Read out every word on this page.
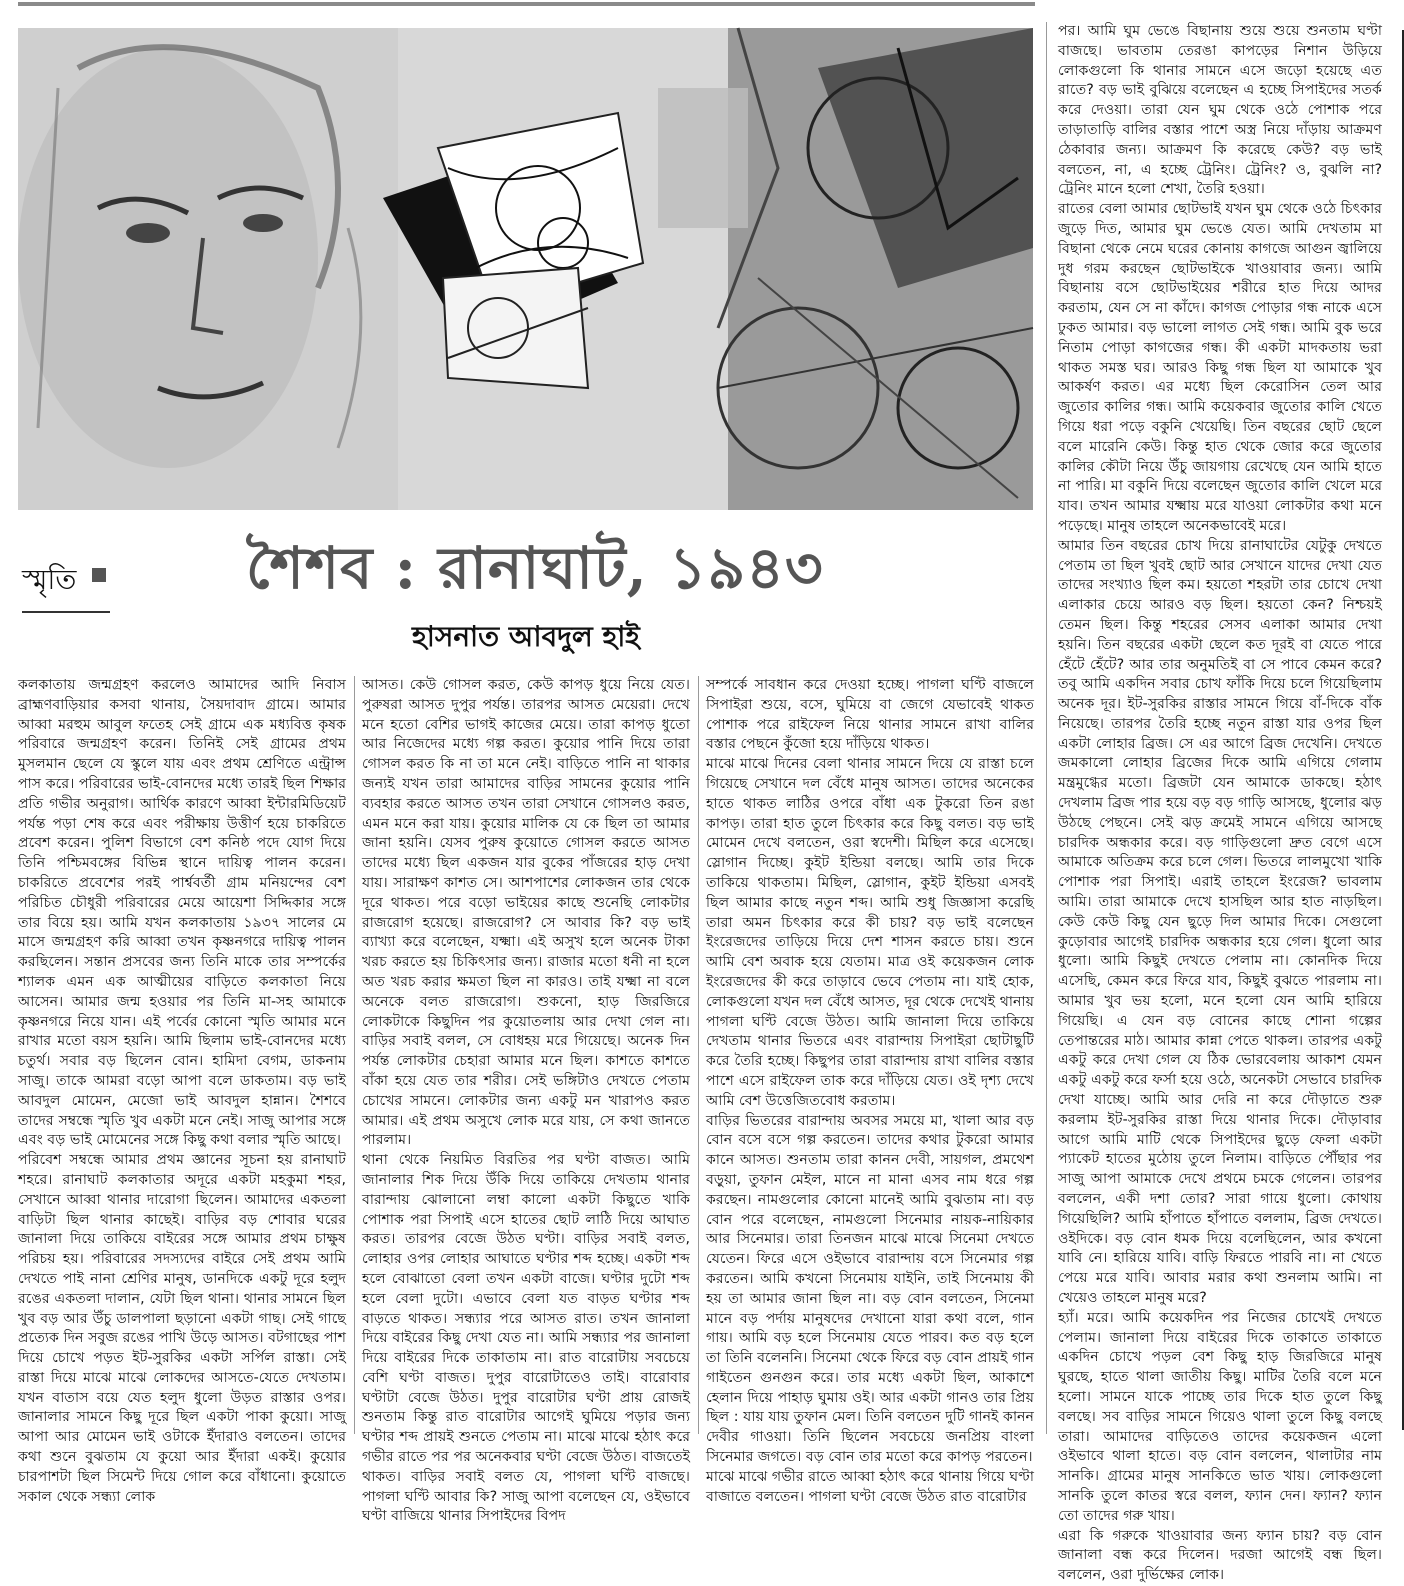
স্মৃতি	শৈশব : রানাঘাট, ১৯৪৩
হাসনাত আবদুল হাই
কলকাতায় জন্মগ্রহণ করলেও আমাদের আদি নিবাস ব্রাহ্মণবাড়িয়ার কসবা থানায়, সৈয়দাবাদ গ্রামে। আমার আব্বা মরহুম আবুল ফতেহ সেই গ্রামে এক মধ্যবিত্ত কৃষক পরিবারে জন্মগ্রহণ করেন। তিনিই সেই গ্রামের প্রথম মুসলমান ছেলে যে স্কুলে যায় এবং প্রথম শ্রেণিতে এন্ট্রান্স পাস করে। পরিবারের ভাই-বোনদের মধ্যে তারই ছিল শিক্ষার প্রতি গভীর অনুরাগ। আর্থিক কারণে আব্বা ইন্টারমিডিয়েট পর্যন্ত পড়া শেষ করে এবং পরীক্ষায় উত্তীর্ণ হয়ে চাকরিতে প্রবেশ করেন। পুলিশ বিভাগে বেশ কনিষ্ঠ পদে যোগ দিয়ে তিনি পশ্চিমবঙ্গের বিভিন্ন স্থানে দায়িত্ব পালন করেন। চাকরিতে প্রবেশের পরই পার্শ্ববর্তী গ্রাম মনিয়ন্দের বেশ পরিচিত চৌধুরী পরিবারের মেয়ে আয়েশা সিদ্দিকার সঙ্গে তার বিয়ে হয়। আমি যখন কলকাতায় ১৯৩৭ সালের মে মাসে জন্মগ্রহণ করি আব্বা তখন কৃষ্ণনগরে দায়িত্ব পালন করছিলেন। সন্তান প্রসবের জন্য তিনি মাকে তার সম্পর্কের শ্যালক এমন এক আত্মীয়ের বাড়িতে কলকাতা নিয়ে আসেন। আমার জন্ম হওয়ার পর তিনি মা-সহ আমাকে কৃষ্ণনগরে নিয়ে যান। এই পর্বের কোনো স্মৃতি আমার মনে রাখার মতো বয়স হয়নি। আমি ছিলাম ভাই-বোনদের মধ্যে চতুর্থ। সবার বড় ছিলেন বোন। হামিদা বেগম, ডাকনাম সাজু। তাকে আমরা বড়ো আপা বলে ডাকতাম। বড় ভাই আবদুল মোমেন, মেজো ভাই আবদুল হান্নান। শৈশবে তাদের সম্বন্ধে স্মৃতি খুব একটা মনে নেই। সাজু আপার সঙ্গে এবং বড় ভাই মোমেনের সঙ্গে কিছু কথা বলার স্মৃতি আছে।
পরিবেশ সম্বন্ধে আমার প্রথম জ্ঞানের সূচনা হয় রানাঘাট শহরে। রানাঘাট কলকাতার অদূরে একটা মহকুমা শহর, সেখানে আব্বা থানার দারোগা ছিলেন। আমাদের একতলা বাড়িটা ছিল থানার কাছেই। বাড়ির বড় শোবার ঘরের জানালা দিয়ে তাকিয়ে বাইরের সঙ্গে আমার প্রথম চাক্ষুষ পরিচয় হয়। পরিবারের সদস্যদের বাইরে সেই প্রথম আমি দেখতে পাই নানা শ্রেণির মানুষ, ডানদিকে একটু দূরে হলুদ রঙের একতলা দালান, যেটা ছিল থানা। থানার সামনে ছিল খুব বড় আর উঁচু ডালপালা ছড়ানো একটা গাছ। সেই গাছে প্রত্যেক দিন সবুজ রঙের পাখি উড়ে আসত। বটগাছের পাশ দিয়ে চোখে পড়ত ইট-সুরকির একটা সর্পিল রাস্তা। সেই রাস্তা দিয়ে মাঝে মাঝে লোকদের আসতে-যেতে দেখতাম। যখন বাতাস বয়ে যেত হলুদ ধুলো উড়ত রাস্তার ওপর। জানালার সামনে কিছু দূরে ছিল একটা পাকা কুয়ো। সাজু আপা আর মোমেন ভাই ওটাকে ইঁদারাও বলতেন। তাদের কথা শুনে বুঝতাম যে কুয়ো আর ইঁদারা একই। কুয়োর চারপাশটা ছিল সিমেন্ট দিয়ে গোল করে বাঁধানো। কুয়োতে সকাল থেকে সন্ধ্যা লোক
আসত। কেউ গোসল করত, কেউ কাপড় ধুয়ে নিয়ে যেত। পুরুষরা আসত দুপুর পর্যন্ত। তারপর আসত মেয়েরা। দেখে মনে হতো বেশির ভাগই কাজের মেয়ে। তারা কাপড় ধুতো আর নিজেদের মধ্যে গল্প করত। কুয়োর পানি দিয়ে তারা গোসল করত কি না তা মনে নেই। বাড়িতে পানি না থাকার জন্যই যখন তারা আমাদের বাড়ির সামনের কুয়োর পানি ব্যবহার করতে আসত তখন তারা সেখানে গোসলও করত, এমন মনে করা যায়। কুয়োর মালিক যে কে ছিল তা আমার জানা হয়নি। যেসব পুরুষ কুয়োতে গোসল করতে আসত তাদের মধ্যে ছিল একজন যার বুকের পাঁজরের হাড় দেখা যায়। সারাক্ষণ কাশত সে। আশপাশের লোকজন তার থেকে দূরে থাকত। পরে বড়ো ভাইয়ের কাছে শুনেছি লোকটার রাজরোগ হয়েছে। রাজরোগ? সে আবার কি? বড় ভাই ব্যাখ্যা করে বলেছেন, যক্ষ্মা। এই অসুখ হলে অনেক টাকা খরচ করতে হয় চিকিৎসার জন্য। রাজার মতো ধনী না হলে অত খরচ করার ক্ষমতা ছিল না কারও। তাই যক্ষ্মা না বলে অনেকে বলত রাজরোগ। শুকনো, হাড় জিরজিরে লোকটাকে কিছুদিন পর কুয়োতলায় আর দেখা গেল না। বাড়ির সবাই বলল, সে বোধহয় মরে গিয়েছে। অনেক দিন পর্যন্ত লোকটার চেহারা আমার মনে ছিল। কাশতে কাশতে বাঁকা হয়ে যেত তার শরীর। সেই ভঙ্গিটাও দেখতে পেতাম চোখের সামনে। লোকটার জন্য একটু মন খারাপও করত আমার। এই প্রথম অসুখে লোক মরে যায়, সে কথা জানতে পারলাম।
থানা থেকে নিয়মিত বিরতির পর ঘণ্টা বাজত। আমি জানালার শিক দিয়ে উঁকি দিয়ে তাকিয়ে দেখতাম থানার বারান্দায় ঝোলানো লম্বা কালো একটা কিছুতে খাকি পোশাক পরা সিপাই এসে হাতের ছোট লাঠি দিয়ে আঘাত করত। তারপর বেজে উঠত ঘণ্টা। বাড়ির সবাই বলত, লোহার ওপর লোহার আঘাতে ঘণ্টার শব্দ হচ্ছে। একটা শব্দ হলে বোঝাতো বেলা তখন একটা বাজে। ঘণ্টার দুটো শব্দ হলে বেলা দুটো। এভাবে বেলা যত বাড়ত ঘণ্টার শব্দ বাড়তে থাকত। সন্ধ্যার পরে আসত রাত। তখন জানালা দিয়ে বাইরের কিছু দেখা যেত না। আমি সন্ধ্যার পর জানালা দিয়ে বাইরের দিকে তাকাতাম না। রাত বারোটায় সবচেয়ে বেশি ঘণ্টা বাজত। দুপুর বারোটাতেও তাই। বারোবার ঘণ্টাটা বেজে উঠত। দুপুর বারোটার ঘণ্টা প্রায় রোজই শুনতাম কিন্তু রাত বারোটার আগেই ঘুমিয়ে পড়ার জন্য ঘণ্টার শব্দ প্রায়ই শুনতে পেতাম না। মাঝে মাঝে হঠাৎ করে গভীর রাতে পর পর অনেকবার ঘণ্টা বেজে উঠত। বাজতেই থাকত। বাড়ির সবাই বলত যে, পাগলা ঘণ্টি বাজছে। পাগলা ঘণ্টি আবার কি? সাজু আপা বলেছেন যে, ওইভাবে ঘণ্টা বাজিয়ে থানার সিপাইদের বিপদ
সম্পর্কে সাবধান করে দেওয়া হচ্ছে। পাগলা ঘণ্টি বাজলে সিপাইরা শুয়ে, বসে, ঘুমিয়ে বা জেগে যেভাবেই থাকত পোশাক পরে রাইফেল নিয়ে থানার সামনে রাখা বালির বস্তার পেছনে কুঁজো হয়ে দাঁড়িয়ে থাকত।
মাঝে মাঝে দিনের বেলা থানার সামনে দিয়ে যে রাস্তা চলে গিয়েছে সেখানে দল বেঁধে মানুষ আসত। তাদের অনেকের হাতে থাকত লাঠির ওপরে বাঁধা এক টুকরো তিন রঙা কাপড়। তারা হাত তুলে চিৎকার করে কিছু বলত। বড় ভাই মোমেন দেখে বলতেন, ওরা স্বদেশী। মিছিল করে এসেছে। স্লোগান দিচ্ছে। কুইট ইন্ডিয়া বলছে। আমি তার দিকে তাকিয়ে থাকতাম। মিছিল, স্লোগান, কুইট ইন্ডিয়া এসবই ছিল আমার কাছে নতুন শব্দ। আমি শুধু জিজ্ঞাসা করেছি তারা অমন চিৎকার করে কী চায়? বড় ভাই বলেছেন ইংরেজদের তাড়িয়ে দিয়ে দেশ শাসন করতে চায়। শুনে আমি বেশ অবাক হয়ে যেতাম। মাত্র ওই কয়েকজন লোক ইংরেজদের কী করে তাড়াবে ভেবে পেতাম না। যাই হোক, লোকগুলো যখন দল বেঁধে আসত, দূর থেকে দেখেই থানায় পাগলা ঘণ্টি বেজে উঠত। আমি জানালা দিয়ে তাকিয়ে দেখতাম থানার ভিতরে এবং বারান্দায় সিপাইরা ছোটাছুটি করে তৈরি হচ্ছে। কিছুপর তারা বারান্দায় রাখা বালির বস্তার পাশে এসে রাইফেল তাক করে দাঁড়িয়ে যেত। ওই দৃশ্য দেখে আমি বেশ উত্তেজিতবোধ করতাম।
বাড়ির ভিতরের বারান্দায় অবসর সময়ে মা, খালা আর বড় বোন বসে বসে গল্প করতেন। তাদের কথার টুকরো আমার কানে আসত। শুনতাম তারা কানন দেবী, সায়গল, প্রমথেশ বড়ুয়া, তুফান মেইল, মানে না মানা এসব নাম ধরে গল্প করছেন। নামগুলোর কোনো মানেই আমি বুঝতাম না। বড় বোন পরে বলেছেন, নামগুলো সিনেমার নায়ক-নায়িকার আর সিনেমার। তারা তিনজন মাঝে মাঝে সিনেমা দেখতে যেতেন। ফিরে এসে ওইভাবে বারান্দায় বসে সিনেমার গল্প করতেন। আমি কখনো সিনেমায় যাইনি, তাই সিনেমায় কী হয় তা আমার জানা ছিল না। বড় বোন বলতেন, সিনেমা মানে বড় পর্দায় মানুষদের দেখানো যারা কথা বলে, গান গায়। আমি বড় হলে সিনেমায় যেতে পারব। কত বড় হলে তা তিনি বলেননি। সিনেমা থেকে ফিরে বড় বোন প্রায়ই গান গাইতেন গুনগুন করে। তার মধ্যে একটা ছিল, আকাশে হেলান দিয়ে পাহাড় ঘুমায় ওই। আর একটা গানও তার প্রিয় ছিল : যায় যায় তুফান মেল। তিনি বলতেন দুটি গানই কানন দেবীর গাওয়া। তিনি ছিলেন সবচেয়ে জনপ্রিয় বাংলা সিনেমার জগতে। বড় বোন তার মতো করে কাপড় পরতেন।
মাঝে মাঝে গভীর রাতে আব্বা হঠাৎ করে থানায় গিয়ে ঘণ্টা বাজাতে বলতেন। পাগলা ঘণ্টা বেজে উঠত রাত বারোটার
পর। আমি ঘুম ভেঙে বিছানায় শুয়ে শুয়ে শুনতাম ঘণ্টা বাজছে। ভাবতাম তেরঙা কাপড়ের নিশান উড়িয়ে লোকগুলো কি থানার সামনে এসে জড়ো হয়েছে এত রাতে? বড় ভাই বুঝিয়ে বলেছেন এ হচ্ছে সিপাইদের সতর্ক করে দেওয়া। তারা যেন ঘুম থেকে ওঠে পোশাক পরে তাড়াতাড়ি বালির বস্তার পাশে অস্ত্র নিয়ে দাঁড়ায় আক্রমণ ঠেকাবার জন্য। আক্রমণ কি করেছে কেউ? বড় ভাই বলতেন, না, এ হচ্ছে ট্রেনিং। ট্রেনিং? ও, বুঝলি না? ট্রেনিং মানে হলো শেখা, তৈরি হওয়া।
রাতের বেলা আমার ছোটভাই যখন ঘুম থেকে ওঠে চিৎকার জুড়ে দিত, আমার ঘুম ভেঙে যেত। আমি দেখতাম মা বিছানা থেকে নেমে ঘরের কোনায় কাগজে আগুন জ্বালিয়ে দুধ গরম করছেন ছোটভাইকে খাওয়াবার জন্য। আমি বিছানায় বসে ছোটভাইয়ের শরীরে হাত দিয়ে আদর করতাম, যেন সে না কাঁদে। কাগজ পোড়ার গন্ধ নাকে এসে ঢুকত আমার। বড় ভালো লাগত সেই গন্ধ। আমি বুক ভরে নিতাম পোড়া কাগজের গন্ধ। কী একটা মাদকতায় ভরা থাকত সমস্ত ঘর। আরও কিছু গন্ধ ছিল যা আমাকে খুব আকর্ষণ করত। এর মধ্যে ছিল কেরোসিন তেল আর জুতোর কালির গন্ধ। আমি কয়েকবার জুতোর কালি খেতে গিয়ে ধরা পড়ে বকুনি খেয়েছি। তিন বছরের ছোট ছেলে বলে মারেনি কেউ। কিন্তু হাত থেকে জোর করে জুতোর কালির কৌটা নিয়ে উঁচু জায়গায় রেখেছে যেন আমি হাতে না পারি। মা বকুনি দিয়ে বলেছেন জুতোর কালি খেলে মরে যাব। তখন আমার যক্ষ্মায় মরে যাওয়া লোকটার কথা মনে পড়েছে। মানুষ তাহলে অনেকভাবেই মরে।
আমার তিন বছরের চোখ দিয়ে রানাঘাটের যেটুকু দেখতে পেতাম তা ছিল খুবই ছোট আর সেখানে যাদের দেখা যেত তাদের সংখ্যাও ছিল কম। হয়তো শহরটা তার চোখে দেখা এলাকার চেয়ে আরও বড় ছিল। হয়তো কেন? নিশ্চয়ই তেমন ছিল। কিন্তু শহরের সেসব এলাকা আমার দেখা হয়নি। তিন বছরের একটা ছেলে কত দূরই বা যেতে পারে হেঁটে হেঁটে? আর তার অনুমতিই বা সে পাবে কেমন করে? তবু আমি একদিন সবার চোখ ফাঁকি দিয়ে চলে গিয়েছিলাম অনেক দূর। ইট-সুরকির রাস্তার সামনে গিয়ে বাঁ-দিকে বাঁক নিয়েছে। তারপর তৈরি হচ্ছে নতুন রাস্তা যার ওপর ছিল একটা লোহার ব্রিজ। সে এর আগে ব্রিজ দেখেনি। দেখতে জমকালো লোহার ব্রিজের দিকে আমি এগিয়ে গেলাম মন্ত্রমুগ্ধের মতো। ব্রিজটা যেন আমাকে ডাকছে। হঠাৎ দেখলাম ব্রিজ পার হয়ে বড় বড় গাড়ি আসছে, ধুলোর ঝড় উঠছে পেছনে। সেই ঝড় ক্রমেই সামনে এগিয়ে আসছে চারদিক অন্ধকার করে। বড় গাড়িগুলো দ্রুত বেগে এসে আমাকে অতিক্রম করে চলে গেল। ভিতরে লালমুখো খাকি পোশাক পরা সিপাই। এরাই তাহলে ইংরেজ? ভাবলাম আমি। তারা আমাকে দেখে হাসছিল আর হাত নাড়ছিল। কেউ কেউ কিছু যেন ছুড়ে দিল আমার দিকে। সেগুলো কুড়োবার আগেই চারদিক অন্ধকার হয়ে গেল। ধুলো আর ধুলো। আমি কিছুই দেখতে পেলাম না। কোনদিক দিয়ে এসেছি, কেমন করে ফিরে যাব, কিছুই বুঝতে পারলাম না। আমার খুব ভয় হলো, মনে হলো যেন আমি হারিয়ে গিয়েছি। এ যেন বড় বোনের কাছে শোনা গল্পের তেপান্তরের মাঠ। আমার কান্না পেতে থাকল। তারপর একটু একটু করে দেখা গেল যে ঠিক ভোরবেলায় আকাশ যেমন একটু একটু করে ফর্সা হয়ে ওঠে, অনেকটা সেভাবে চারদিক দেখা যাচ্ছে। আমি আর দেরি না করে দৌড়াতে শুরু করলাম ইট-সুরকির রাস্তা দিয়ে থানার দিকে। দৌড়াবার আগে আমি মাটি থেকে সিপাইদের ছুড়ে ফেলা একটা প্যাকেট হাতের মুঠোয় তুলে নিলাম। বাড়িতে পৌঁছার পর সাজু আপা আমাকে দেখে প্রথমে চমকে গেলেন। তারপর বললেন, একী দশা তোর? সারা গায়ে ধুলো। কোথায় গিয়েছিলি? আমি হাঁপাতে হাঁপাতে বললাম, ব্রিজ দেখতে। ওইদিকে। বড় বোন ধমক দিয়ে বলেছিলেন, আর কখনো যাবি নে। হারিয়ে যাবি। বাড়ি ফিরতে পারবি না। না খেতে পেয়ে মরে যাবি। আবার মরার কথা শুনলাম আমি। না খেয়েও তাহলে মানুষ মরে?
হ্যাঁ। মরে। আমি কয়েকদিন পর নিজের চোখেই দেখতে পেলাম। জানালা দিয়ে বাইরের দিকে তাকাতে তাকাতে একদিন চোখে পড়ল বেশ কিছু হাড় জিরজিরে মানুষ ঘুরছে, হাতে থালা জাতীয় কিছু। মাটির তৈরি বলে মনে হলো। সামনে যাকে পাচ্ছে তার দিকে হাত তুলে কিছু বলছে। সব বাড়ির সামনে গিয়েও থালা তুলে কিছু বলছে তারা। আমাদের বাড়িতেও তাদের কয়েকজন এলো ওইভাবে থালা হাতে। বড় বোন বললেন, থালাটার নাম সানকি। গ্রামের মানুষ সানকিতে ভাত খায়। লোকগুলো সানকি তুলে কাতর স্বরে বলল, ফ্যান দেন। ফ্যান? ফ্যান তো তাদের গরু খায়।
এরা কি গরুকে খাওয়াবার জন্য ফ্যান চায়? বড় বোন জানালা বন্ধ করে দিলেন। দরজা আগেই বন্ধ ছিল। বললেন, ওরা দুর্ভিক্ষের লোক।
